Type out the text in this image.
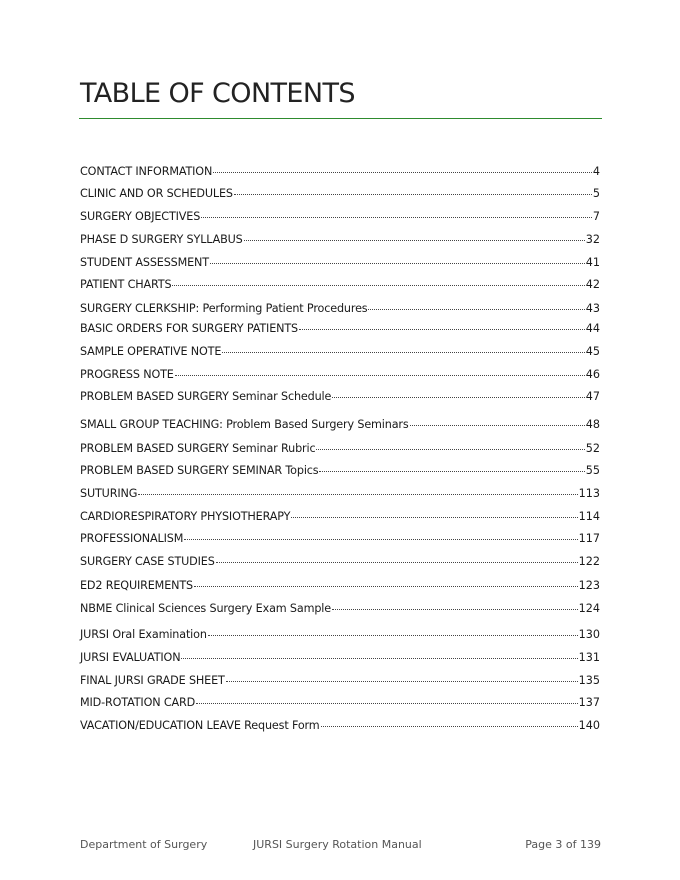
TABLE OF CONTENTS
CONTACT INFORMATION	4
CLINIC AND OR SCHEDULES	5
SURGERY OBJECTIVES	7
PHASE D SURGERY SYLLABUS	32
STUDENT ASSESSMENT	41
PATIENT CHARTS	42
SURGERY CLERKSHIP: Performing Patient Procedures	43
BASIC ORDERS FOR SURGERY PATIENTS	44
SAMPLE OPERATIVE NOTE	45
PROGRESS NOTE	46
PROBLEM BASED SURGERY Seminar Schedule	47
SMALL GROUP TEACHING: Problem Based Surgery Seminars	48
PROBLEM BASED SURGERY Seminar Rubric	52
PROBLEM BASED SURGERY SEMINAR Topics	55
SUTURING	113
CARDIORESPIRATORY PHYSIOTHERAPY	114
PROFESSIONALISM	117
SURGERY CASE STUDIES	122
ED2 REQUIREMENTS	123
NBME Clinical Sciences Surgery Exam Sample	124
JURSI Oral Examination	130
JURSI EVALUATION	131
FINAL JURSI GRADE SHEET	135
MID-ROTATION CARD	137
VACATION/EDUCATION LEAVE Request Form	140
Department of Surgery	JURSI Surgery Rotation Manual	Page 3 of 139
